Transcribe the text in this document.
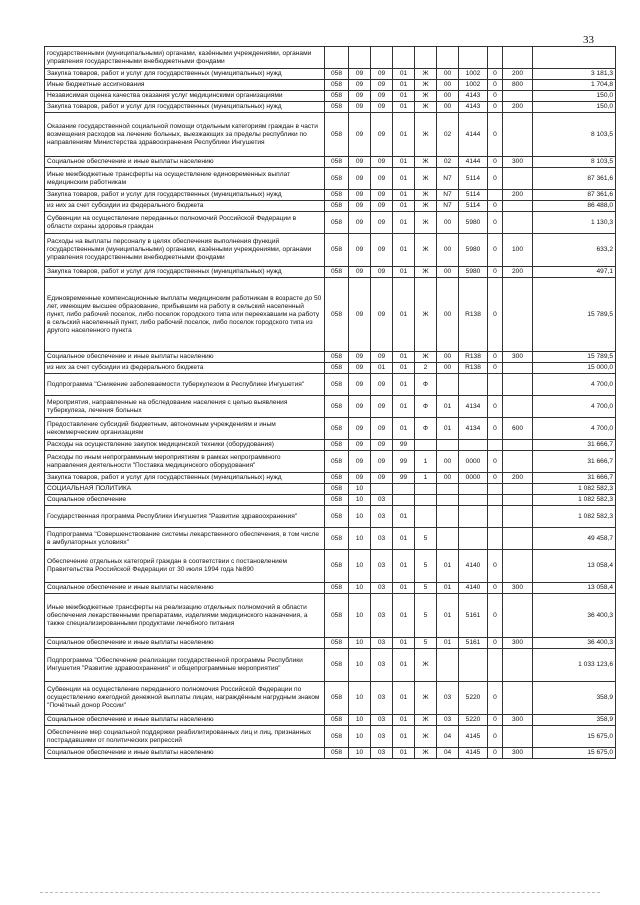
33
государственными (муниципальными) органами, казёнными учреждениями, органами управления государственными внебюджетными фондами										
Закупка товаров, работ и услуг для государственных (муниципальных) нужд	058	09	09	01	Ж	00	1002	0	200	3 181,3
Иные бюджетные ассигнования	058	09	09	01	Ж	00	1002	0	800	1 704,8
Независимая оценка качества оказания услуг медицинскими организациями	058	09	09	01	Ж	00	4143	0		150,0
Закупка товаров, работ и услуг для государственных (муниципальных) нужд	058	09	09	01	Ж	00	4143	0	200	150,0
Оказание государственной социальной помощи отдельным категориям граждан в части возмещения расходов на лечение больных, выезжающих за пределы республики по направлениям Министерства здравоохранения Республики Ингушетия	058	09	09	01	Ж	02	4144	0		8 103,5
Социальное обеспечение и иные выплаты населению	058	09	09	01	Ж	02	4144	0	300	8 103,5
Иные межбюджетные трансферты на осуществление единовременных выплат медицинским работникам	058	09	09	01	Ж	N7	5114	0		87 361,6
Закупка товаров, работ и услуг для государственных (муниципальных) нужд	058	09	09	01	Ж	N7	5114		200	87 361,6
из них за счет субсидии из федерального бюджета	058	09	09	01	Ж	N7	5114	0		86 488,0
Субвенции на осуществление переданных полномочий Российской Федерации в области охраны здоровья граждан	058	09	09	01	Ж	00	5980	0		1 130,3
Расходы на выплаты персоналу в целях обеспечения выполнения функций государственными (муниципальными) органами, казёнными учреждениями, органами управления государственными внебюджетными фондами	058	09	09	01	Ж	00	5980	0	100	633,2
Закупка товаров, работ и услуг для государственных (муниципальных) нужд	058	09	09	01	Ж	00	5980	0	200	497,1
Единовременные компенсационные выплаты медицинским работникам в возрасте до 50 лет, имеющим высшее образование, прибывшим на работу в сельский населенный пункт, либо рабочий поселок, либо поселок городского типа или переехавшим на работу в сельский населенный пункт, либо рабочий поселок, либо поселок городского типа из другого населенного пункта	058	09	09	01	Ж	00	R138	0		15 789,5
Социальное обеспечение и иные выплаты населению	058	09	09	01	Ж	00	R138	0	300	15 789,5
из них за счет субсидии из федерального бюджета	058	09	01	01	2	00	R138	0		15 000,0
Подпрограмма "Снижение заболеваемости туберкулезом в Республике Ингушетия"	058	09	09	01	Ф					4 700,0
Мероприятия, направленные на обследование населения с целью выявления туберкулеза, лечения больных	058	09	09	01	Ф	01	4134	0		4 700,0
Предоставление субсидий бюджетным, автономным учреждениям и иным некоммерческим организациям	058	09	09	01	Ф	01	4134	0	600	4 700,0
Расходы на осуществление закупок медицинской техники (оборудования)	058	09	09	99						31 666,7
Расходы по иным непрограммным мероприятиям в рамках непрограммного направления деятельности "Поставка медицинского оборудования"	058	09	09	99	1	00	0000	0		31 666,7
Закупка товаров, работ и услуг для государственных (муниципальных) нужд	058	09	09	99	1	00	0000	0	200	31 666,7
СОЦИАЛЬНАЯ ПОЛИТИКА	058	10								1 082 582,3
Социальное обеспечение	058	10	03							1 082 582,3
Государственная программа Республики Ингушетия "Развитие здравоохранения"	058	10	03	01						1 082 582,3
Подпрограмма "Совершенствование системы лекарственного обеспечения, в том числе в амбулаторных условиях"	058	10	03	01	5					49 458,7
Обеспечение отдельных категорий граждан в соответствии с постановлением Правительства Российской Федерации от 30 июля 1994 года №890	058	10	03	01	5	01	4140	0		13 058,4
Социальное обеспечение и иные выплаты населению	058	10	03	01	5	01	4140	0	300	13 058,4
Иные межбюджетные трансферты на реализацию отдельных полномочий в области обеспечения лекарственными препаратами, изделиями медицинского назначения, а также специализированными продуктами лечебного питания	058	10	03	01	5	01	5161	0		36 400,3
Социальное обеспечение и иные выплаты населению	058	10	03	01	5	01	5161	0	300	36 400,3
Подпрограмма "Обеспечение реализации государственной программы Республики Ингушетия "Развитие здравоохранения" и общепрограммные мероприятия"	058	10	03	01	Ж					1 033 123,6
Субвенции на осуществление переданного полномочия Российской Федерации по осуществлению ежегодной денежной выплаты лицам, награждённым нагрудным знаком "Почётный донор России"	058	10	03	01	Ж	03	5220	0		358,9
Социальное обеспечение и иные выплаты населению	058	10	03	01	Ж	03	5220	0	300	358,9
Обеспечение мер социальной поддержки реабилитированных лиц и лиц, признанных пострадавшими от политических репрессий	058	10	03	01	Ж	04	4145	0		15 675,0
Социальное обеспечение и иные выплаты населению	058	10	03	01	Ж	04	4145	0	300	15 675,0
